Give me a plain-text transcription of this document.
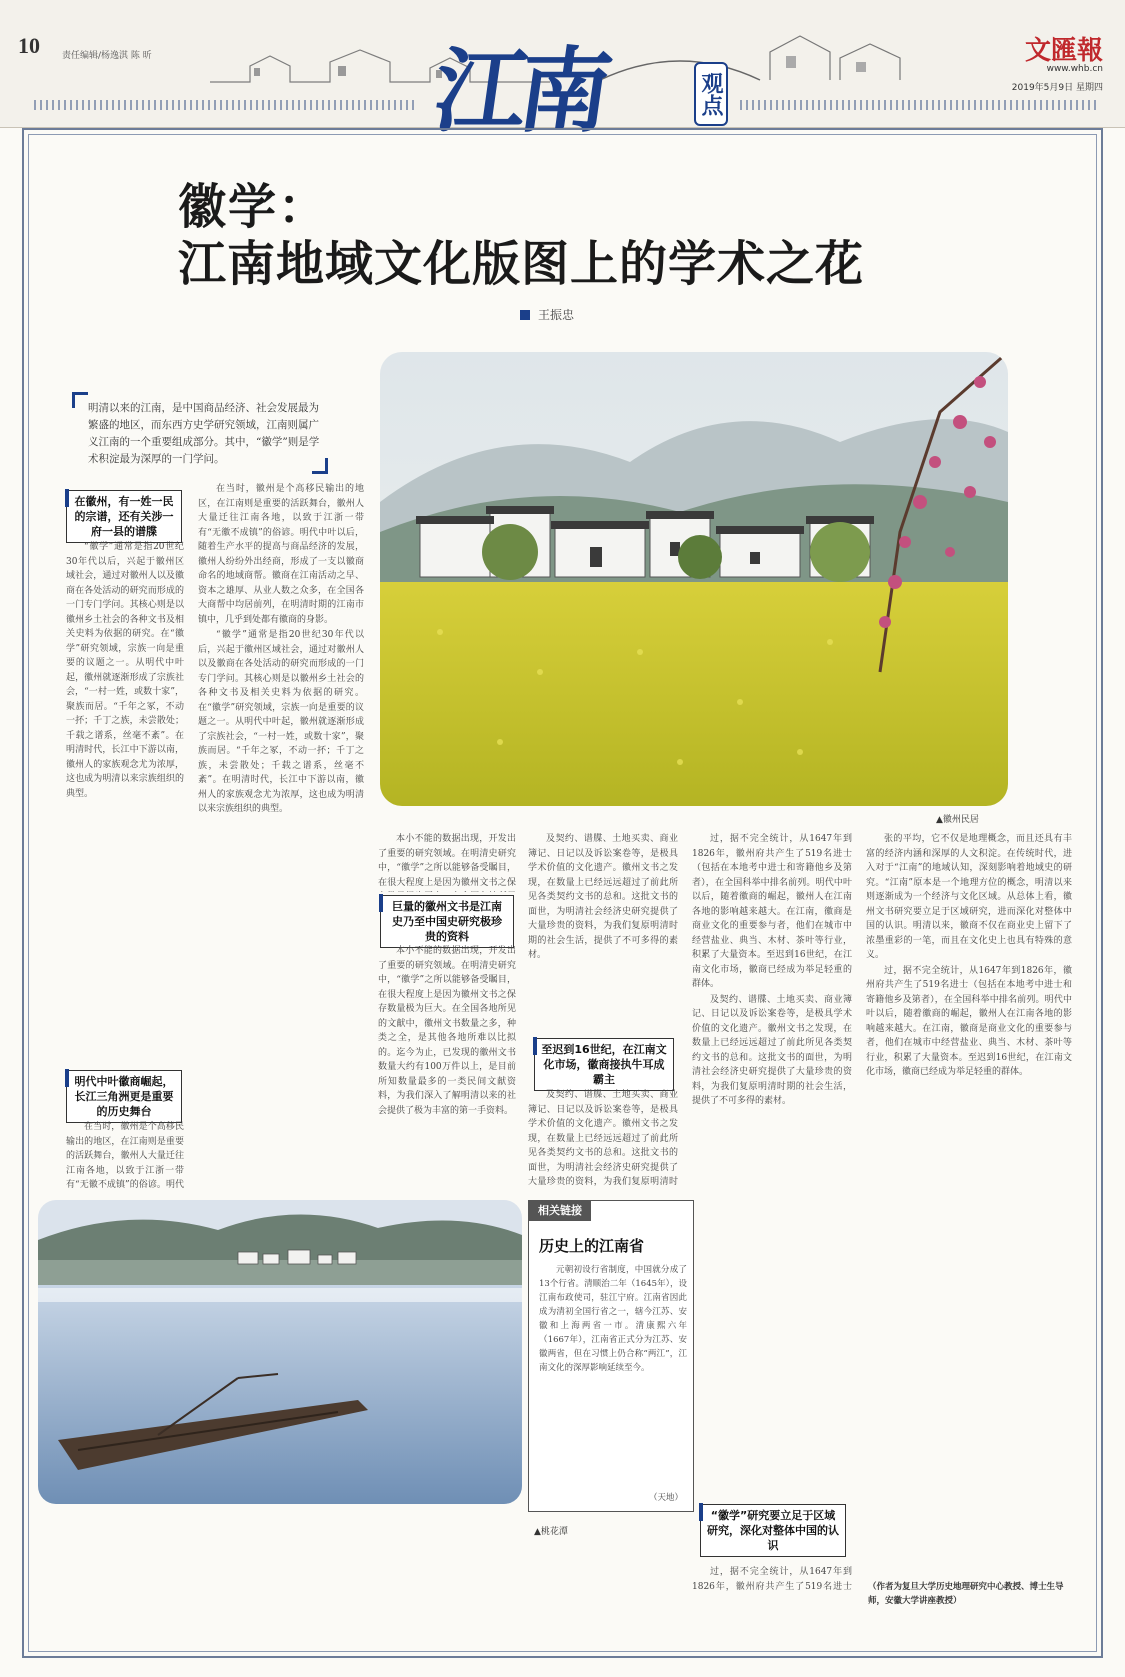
10 责任编辑/杨逸淇 陈 昕	江南	观点
文匯報
www.whb.cn
2019年5月9日 星期四
徽学：
江南地域文化版图上的学术之花
王振忠
明清以来的江南，是中国商品经济、社会发展最为繁盛的地区，而东西方史学研究领域，江南则属广义江南的一个重要组成部分。其中，“徽学”则是学术积淀最为深厚的一门学问。
▲徽州民居
在徽州，有一姓一民的宗谱，还有关涉一府一县的谱牒

“徽学”通常是指20世纪30年代以后，兴起于徽州区域社会，通过对徽州人以及徽商在各处活动的研究而形成的一门专门学问。其核心则是以徽州乡土社会的各种文书及相关史料为依据的研究。在“徽学”研究领域，宗族一向是重要的议题之一。从明代中叶起，徽州就逐渐形成了宗族社会，“一村一姓，或数十家”，聚族而居。“千年之冢，不动一抔；千丁之族，未尝散处；千载之谱系，丝毫不紊”。在明清时代，长江中下游以南，徽州人的家族观念尤为浓厚，这也成为明清以来宗族组织的典型。

明代中叶徽商崛起，长江三角洲更是重要的历史舞台

在当时，徽州是个高移民输出的地区，在江南则是重要的活跃舞台，徽州人大量迁往江南各地，以致于江浙一带有“无徽不成镇”的俗谚。明代

在当时，徽州是个高移民输出的地区，在江南则是重要的活跃舞台，徽州人大量迁往江南各地，以致于江浙一带有“无徽不成镇”的俗谚。明代中叶以后，随着生产水平的提高与商品经济的发展，徽州人纷纷外出经商，形成了一支以徽商命名的地域商帮。徽商在江南活动之早、资本之雄厚、从业人数之众多，在全国各大商帮中均居前列，在明清时期的江南市镇中，几乎到处都有徽商的身影。

“徽学”通常是指20世纪30年代以后，兴起于徽州区域社会，通过对徽州人以及徽商在各处活动的研究而形成的一门专门学问。其核心则是以徽州乡土社会的各种文书及相关史料为依据的研究。在“徽学”研究领域，宗族一向是重要的议题之一。从明代中叶起，徽州就逐渐形成了宗族社会，“一村一姓，或数十家”，聚族而居。“千年之冢，不动一抔；千丁之族，未尝散处；千载之谱系，丝毫不紊”。在明清时代，长江中下游以南，徽州人的家族观念尤为浓厚，这也成为明清以来宗族组织的典型。

本小不能的数据出现，开发出了重要的研究领域。在明清史研究中，“徽学”之所以能够备受瞩目，在很大程度上是因为徽州文书之保

巨量的徽州文书是江南史乃至中国史研究极珍贵的资料

本小不能的数据出现，开发出了重要的研究领域。在明清史研究中，“徽学”之所以能够备受瞩目，在很大程度上是因为徽州文书之保存数量极为巨大。在全国各地所见的文献中，徽州文书数量之多，种类之全，是其他各地所难以比拟的。迄今为止，已发现的徽州文书数量大约有100万件以上，是目前所知数量最多的一类民间文献资料，为我们深入了解明清以来的社会提供了极为丰富的第一手资料。

及契约、谱牒、土地买卖、商业簿记、日记以及诉讼案卷等，是极具学术价值的文化遗产。徽州文书之发现，在数量上已经远远超过了前此所见各类契约文书的总和。这批文书的面世，为明清社会经济史研究提供了大量珍贵的资料，为我们复原明清时期的社会生活，提供了不可多得的素材。

至迟到16世纪，在江南文化市场，徽商接执牛耳成霸主

及契约、谱牒、土地买卖、商业簿记、日记以及诉讼案卷等，是极具学术价值的文化遗产。徽州文书之发现，在数量上已经远远超过了前此所见各类契约文书的总和。这批文书的面世，为明清社会经济史研究提供了大量珍贵的资料，为我们复原明清时

过，据不完全统计，从1647年到1826年，徽州府共产生了519名进士（包括在本地考中进士和寄籍他乡及第者），在全国科举中排名前列。明代中叶以后，随着徽商的崛起，徽州人在江南各地的影响越来越大。在江南，徽商是商业文化的重要参与者，他们在城市中经营盐业、典当、木材、茶叶等行业，积累了大量资本。至迟到16世纪，在江南文化市场，徽商已经成为举足轻重的群体。

及契约、谱牒、土地买卖、商业簿记、日记以及诉讼案卷等，是极具学术价值的文化遗产。徽州文书之发现，在数量上已经远远超过了前此所见各类契约文书的总和。这批文书的面世，为明清社会经济史研究提供了大量珍贵的资料，为我们复原明清时期的社会生活，提供了不可多得的素材。

“徽学”研究要立足于区域研究，深化对整体中国的认识

过，据不完全统计，从1647年到1826年，徽州府共产生了519名进士

张的平均，它不仅是地理概念，而且还具有丰富的经济内涵和深厚的人文积淀。在传统时代，进入对于“江南”的地域认知，深刻影响着地域史的研究。“江南”原本是一个地理方位的概念，明清以来则逐渐成为一个经济与文化区域。从总体上看，徽州文书研究要立足于区域研究，进而深化对整体中国的认识。明清以来，徽商不仅在商业史上留下了浓墨重彩的一笔，而且在文化史上也具有特殊的意义。

过，据不完全统计，从1647年到1826年，徽州府共产生了519名进士（包括在本地考中进士和寄籍他乡及第者），在全国科举中排名前列。明代中叶以后，随着徽商的崛起，徽州人在江南各地的影响越来越大。在江南，徽商是商业文化的重要参与者，他们在城市中经营盐业、典当、木材、茶叶等行业，积累了大量资本。至迟到16世纪，在江南文化市场，徽商已经成为举足轻重的群体。

（作者为复旦大学历史地理研究中心教授、博士生导师，安徽大学讲座教授）
▲桃花潭
相关链接
历史上的江南省

元朝初设行省制度，中国就分成了13个行省。清顺治二年（1645年），设江南布政使司，驻江宁府。江南省因此成为清初全国行省之一，辖今江苏、安徽和上海两省一市。清康熙六年（1667年），江南省正式分为江苏、安徽两省，但在习惯上仍合称“两江”，江南文化的深厚影响延续至今。

（天地）
